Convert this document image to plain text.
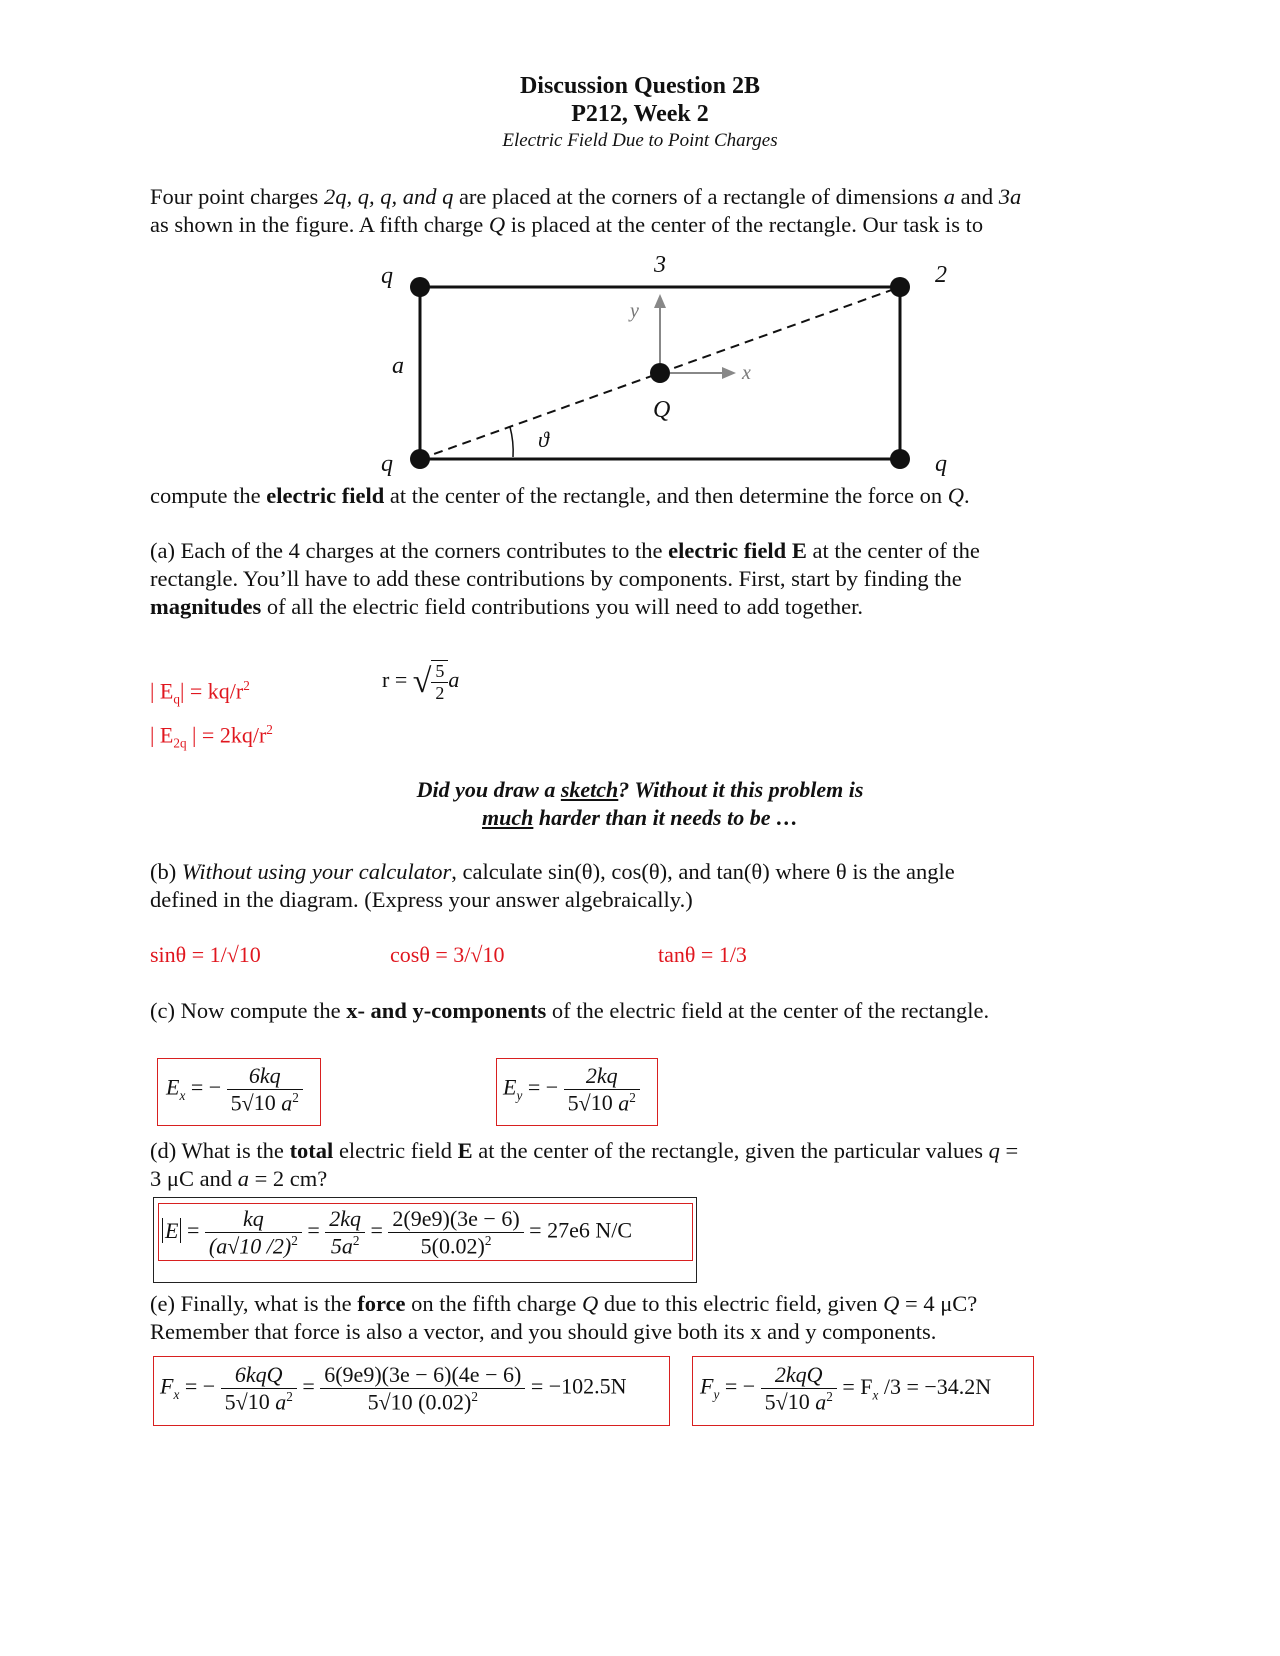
Discussion Question 2B
P212, Week 2
Electric Field Due to Point Charges
Four point charges 2q, q, q, and q are placed at the corners of a rectangle of dimensions a and 3a
as shown in the figure. A fifth charge Q is placed at the center of the rectangle. Our task is to
q	2
3
a
q	q
Q
x
y
ϑ
compute the electric field at the center of the rectangle, and then determine the force on Q.
(a) Each of the 4 charges at the corners contributes to the electric field E at the center of the
rectangle. You’ll have to add these contributions by components. First, start by finding the
magnitudes of all the electric field contributions you will need to add together.
| $E_q| = kq/r^2$
| $E_{2q}$ | = $2kq/r^2$
r = √ $\frac{5}{2}$ a
Did you draw a sketch? Without it this problem is
much harder than it needs to be …
(b) Without using your calculator, calculate sin(θ), cos(θ), and tan(θ) where θ is the angle
defined in the diagram. (Express your answer algebraically.)
sinθ = 1/√10	cosθ = 3/√10	tanθ = 1/3
(c) Now compute the x- and y-components of the electric field at the center of the rectangle.
$E_x$ = − $\frac{6kq}{5√10 a^2}$	$E_y$ = − $\frac{2kq}{5√10 a^2}$
(d) What is the total electric field E at the center of the rectangle, given the particular values q =
3 μC and a = 2 cm?
$E = \frac{kq}{(a√10 /2)^2} = \frac{2kq}{5a^2} = \frac{2(9e9)(3e - 6)}{5(0.02)^2} = 27e6$ N/C
(e) Finally, what is the force on the fifth charge Q due to this electric field, given Q = 4 μC?
Remember that force is also a vector, and you should give both its x and y components.
$F_x$ = − $\frac{\text{6kqQ}}{5√10 a^2} = \frac{6(9e9)(3e - 6)(4e - 6)}{5√10 (0.02)^2} = -102.5N$	$F_y$ = − $\frac{\text{2kqQ}}{5√10 a^2} = F_x$ /3 = −34.2N
